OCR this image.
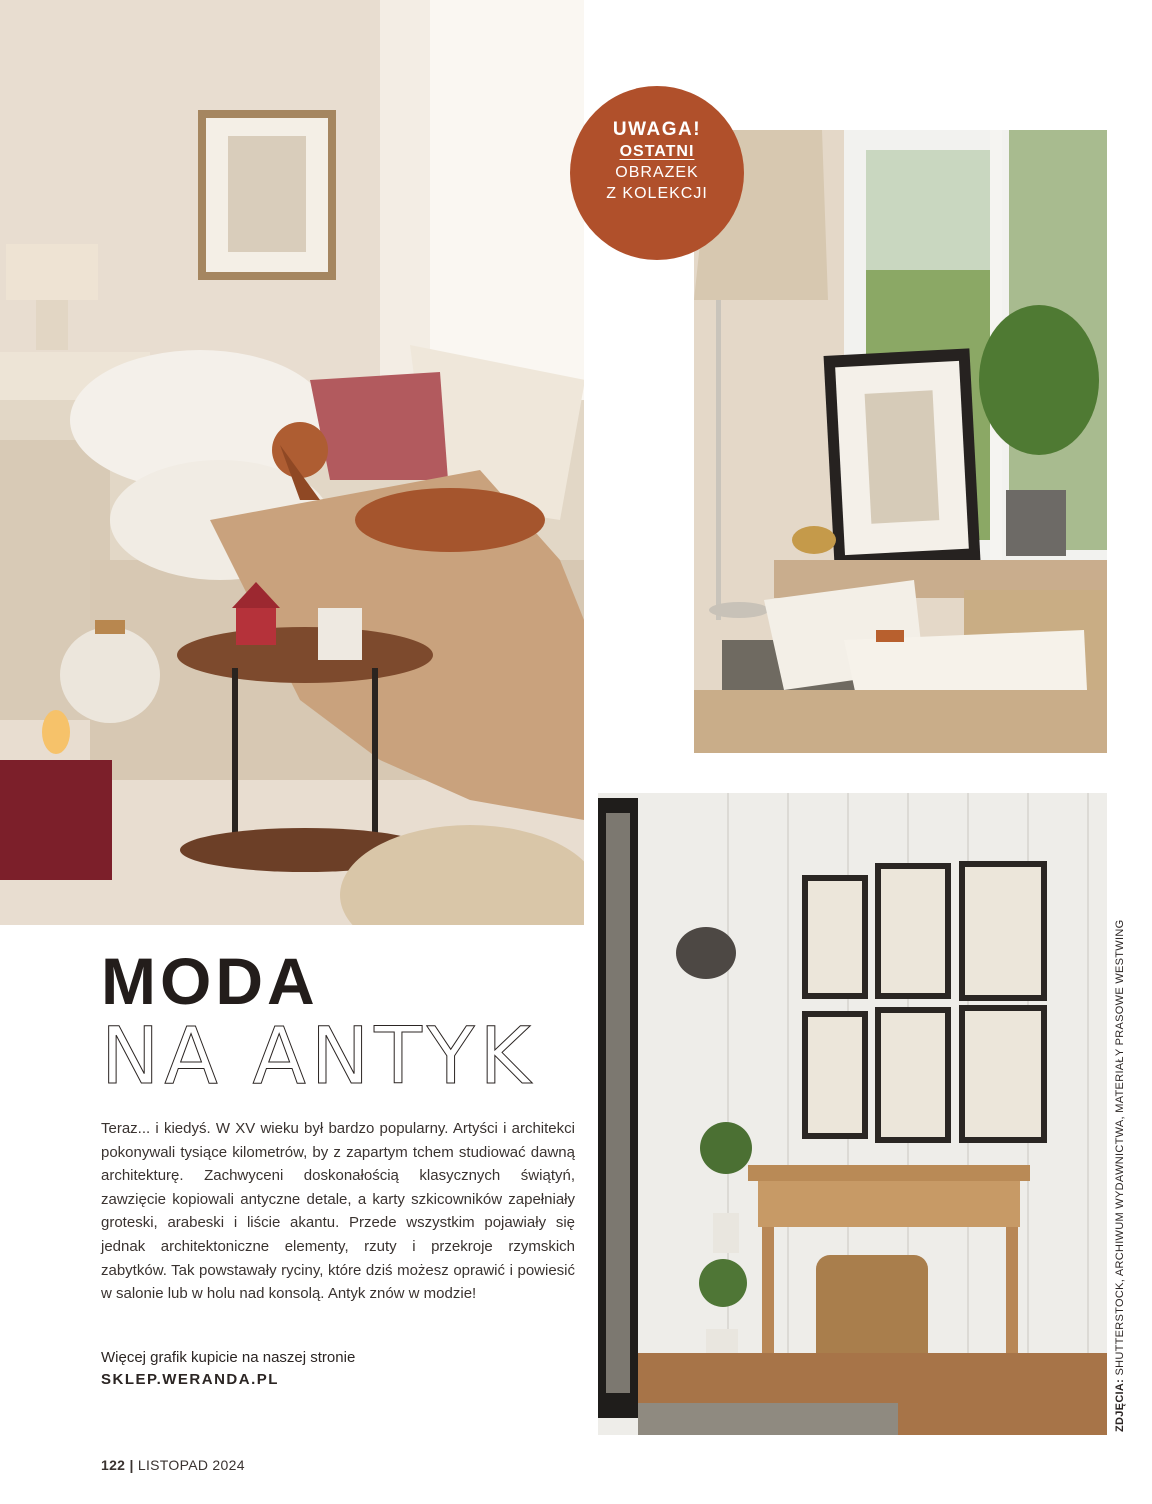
UWAGA!
OSTATNI
OBRAZEK
Z KOLEKCJI
MODA
NA ANTYK
Teraz... i kiedyś. W XV wieku był bardzo popularny. Artyści i architekci pokonywali tysiące kilometrów, by z zapartym tchem studiować dawną architekturę. Zachwyceni doskonałością klasycznych świątyń, zawzięcie kopiowali antyczne detale, a karty szkicowników zapełniały groteski, arabeski i liście akantu. Przede wszystkim pojawiały się jednak architektoniczne elementy, rzuty i przekroje rzymskich zabytków. Tak powstawały ryciny, które dziś możesz oprawić i powiesić w salonie lub w holu nad konsolą. Antyk znów w modzie!
Więcej grafik kupicie na naszej stronie
SKLEP.WERANDA.PL
122 | LISTOPAD 2024
ZDJĘCIA: SHUTTERSTOCK, ARCHIWUM WYDAWNICTWA, MATERIAŁY PRASOWE WESTWING
